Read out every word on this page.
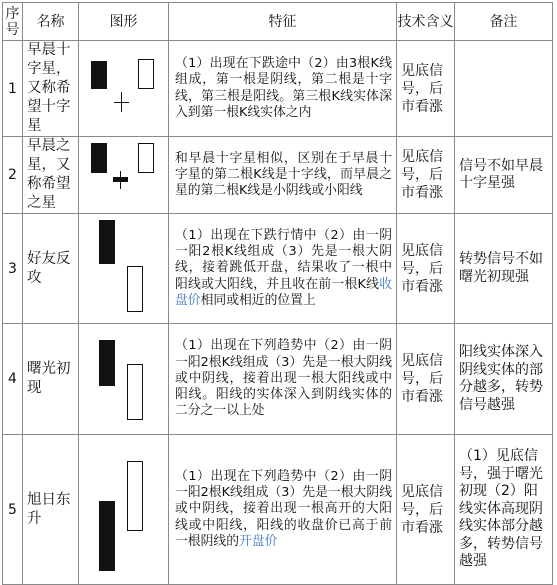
序号	名称	图形	特征	技术含义	备注
1	早晨十字星，又称希望十字星		（1）出现在下跌途中（2）由3根K线组成，第一根是阴线，第二根是十字线，第三根是阳线。第三根K线实体深入到第一根K线实体之内	见底信号，后市看涨	
2	早晨之星，又称希望之星		和早晨十字星相似，区别在于早晨十字星的第二根K线是十字线，而早晨之星的第二根K线是小阴线或小阳线	见底信号，后市看涨	信号不如早晨十字星强
3	好友反攻		（1）出现在下跌行情中（2）由一阴一阳2根K线组成（3）先是一根大阴线，接着跳低开盘，结果收了一根中阳线或大阳线，并且收在前一根K线收盘价相同或相近的位置上	见底信号，后市看涨	转势信号不如曙光初现强
4	曙光初现		（1）出现在下列趋势中（2）由一阴一阳2根K线组成（3）先是一根大阴线或中阴线，接着出现一根大阳线或中阳线。阳线的实体深入到阴线实体的二分之一以上处	见底信号，后市看涨	阳线实体深入阴线实体的部分越多，转势信号越强
5	旭日东升		（1）出现在下列趋势中（2）由一阴一阳2根K线组成（3）先是一根大阴线或中阴线，接着出现一根高开的大阳线或中阳线，阳线的收盘价已高于前一根阴线的开盘价	见底信号，后市看涨	（1）见底信号，强于曙光初现（2）阳线实体高现阴线实体部分越多，转势信号越强
